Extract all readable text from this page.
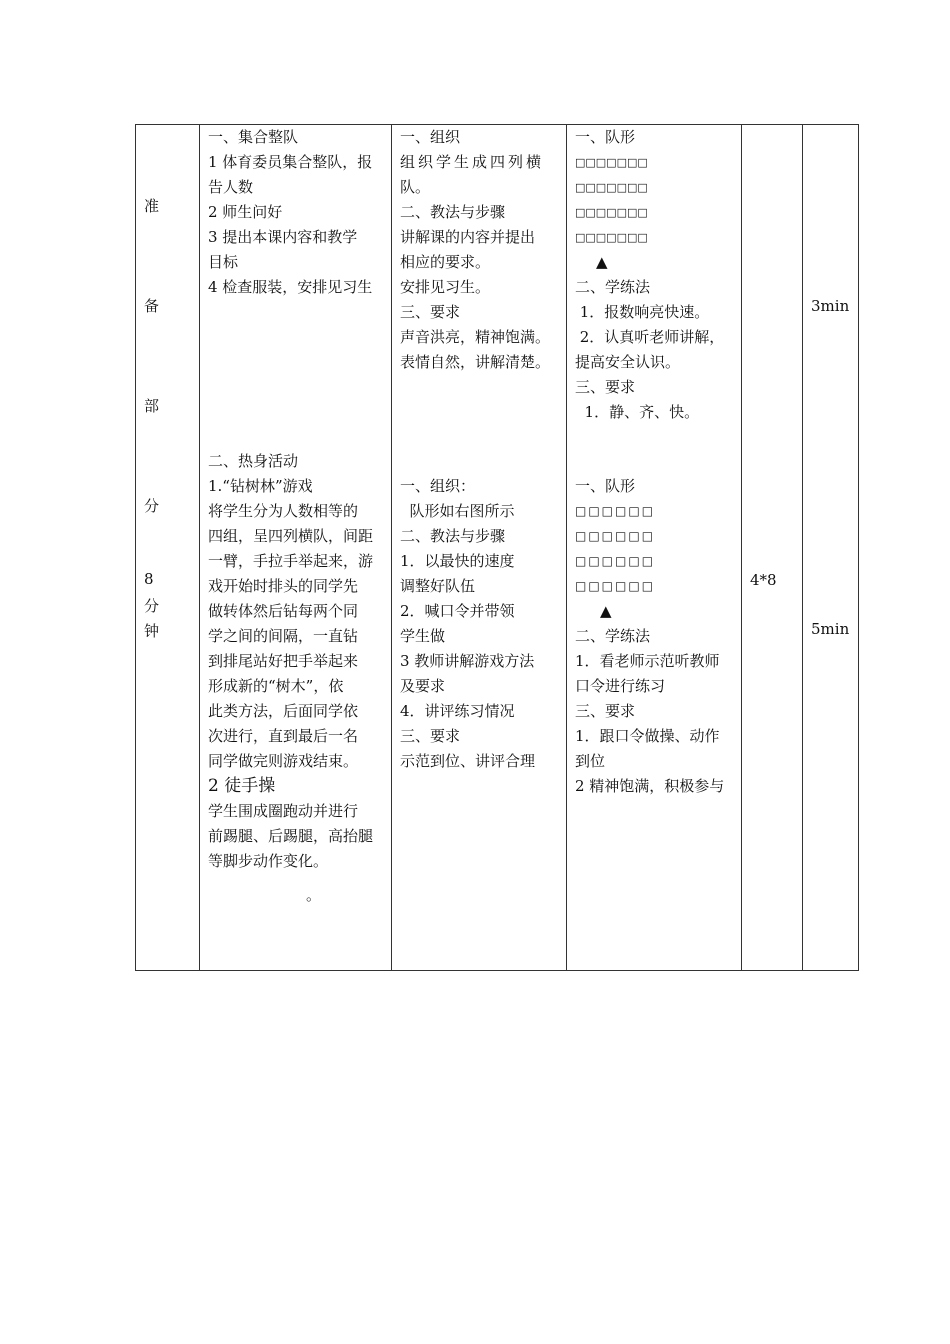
准
备
部
分
8
分
钟
一、集合整队
1 体育委员集合整队，报
告人数
2 师生问好
3 提出本课内容和教学
目标
4 检查服装，安排见习生
二、热身活动
1.“钻树林”游戏
将学生分为人数相等的
四组，呈四列横队，间距
一臂，手拉手举起来，游
戏开始时排头的同学先
做转体然后钻每两个同
学之间的间隔，一直钻
到排尾站好把手举起来
形成新的“树木”，依
此类方法，后面同学依
次进行，直到最后一名
同学做完则游戏结束。
2 徒手操
学生围成圈跑动并进行
前踢腿、后踢腿，高抬腿
等脚步动作变化。
。
一、组织
组织学生成四列横
队。
二、教法与步骤
讲解课的内容并提出
相应的要求。
安排见习生。
三、要求
声音洪亮，精神饱满。
表情自然，讲解清楚。
一、组织：
队形如右图所示
二、教法与步骤
1．以最快的速度
调整好队伍
2．喊口令并带领
学生做
3 教师讲解游戏方法
及要求
4．讲评练习情况
三、要求
示范到位、讲评合理
一、队形
□□□□□□□
□□□□□□□
□□□□□□□
□□□□□□□
▲
二、学练法
1．报数响亮快速。
2．认真听老师讲解，
提高安全认识。
三、要求
1．静、齐、快。
一、队形
□□□□□□
□□□□□□
□□□□□□
□□□□□□
▲
二、学练法
1．看老师示范听教师
口令进行练习
三、要求
1．跟口令做操、动作
到位
2 精神饱满，积极参与
4*8
3min
5min
